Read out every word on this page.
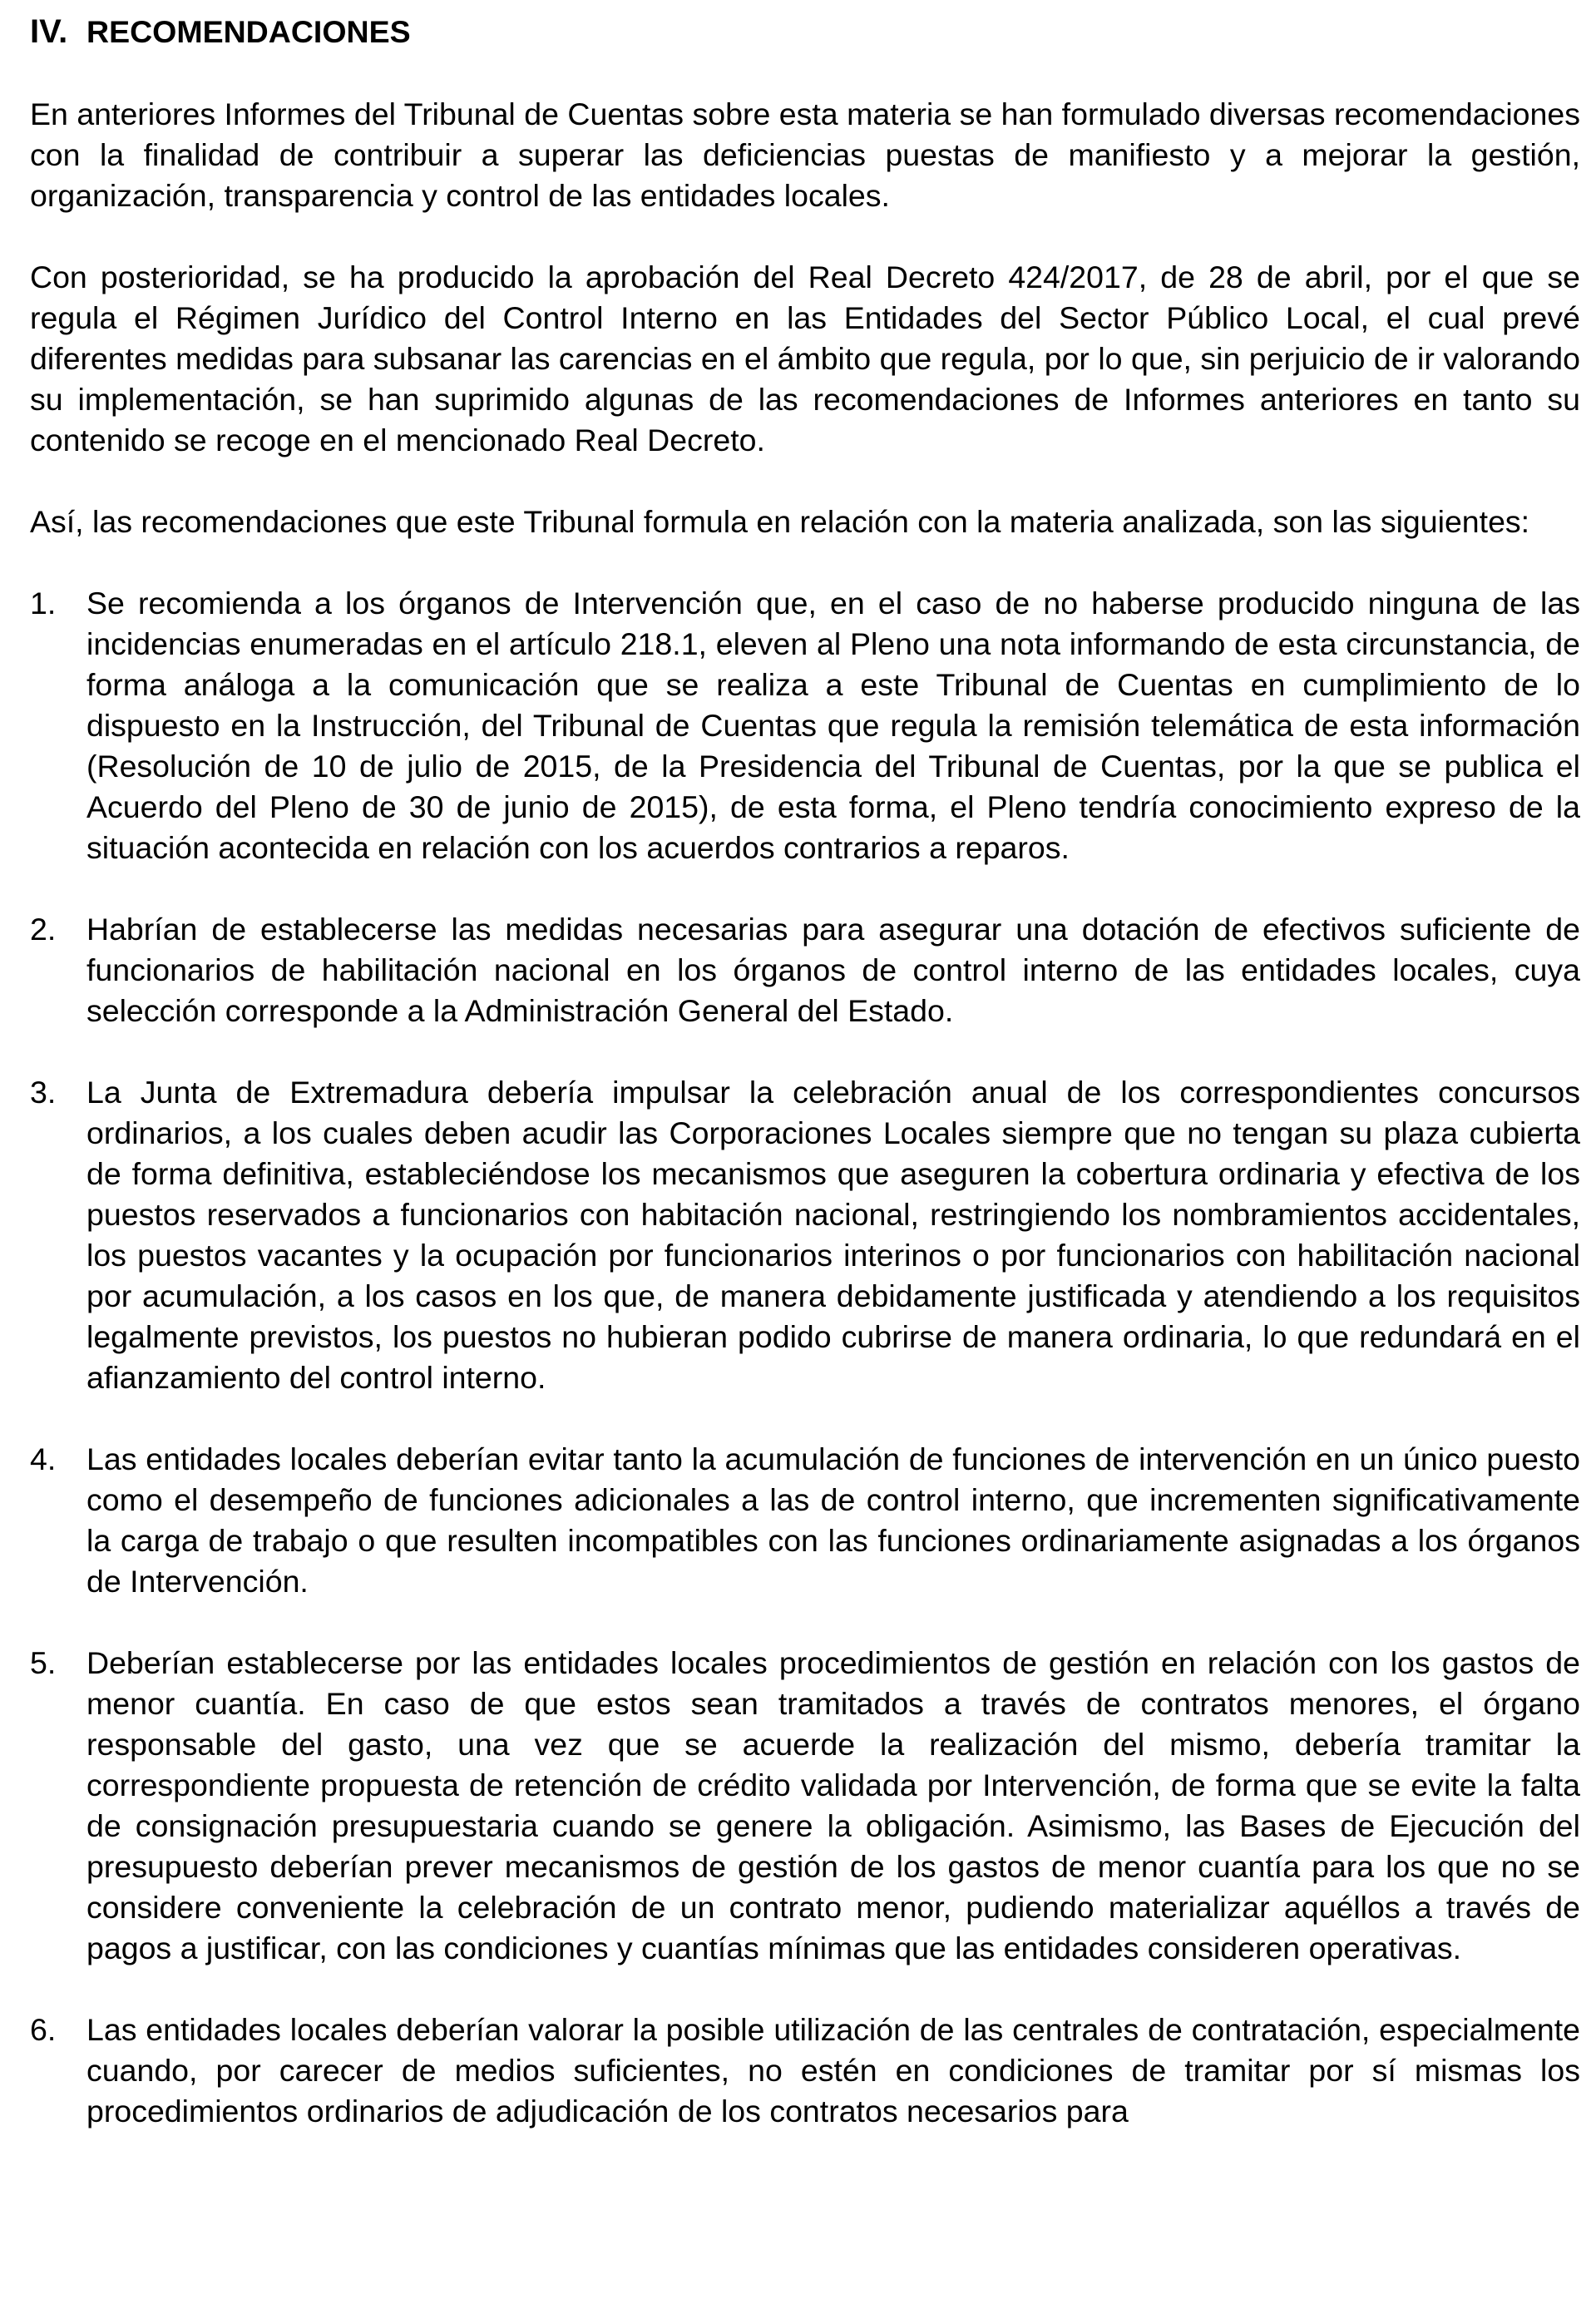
IV. RECOMENDACIONES

En anteriores Informes del Tribunal de Cuentas sobre esta materia se han formulado diversas recomendaciones con la finalidad de contribuir a superar las deficiencias puestas de manifiesto y a mejorar la gestión, organización, transparencia y control de las entidades locales.

Con posterioridad, se ha producido la aprobación del Real Decreto 424/2017, de 28 de abril, por el que se regula el Régimen Jurídico del Control Interno en las Entidades del Sector Público Local, el cual prevé diferentes medidas para subsanar las carencias en el ámbito que regula, por lo que, sin perjuicio de ir valorando su implementación, se han suprimido algunas de las recomendaciones de Informes anteriores en tanto su contenido se recoge en el mencionado Real Decreto.

Así, las recomendaciones que este Tribunal formula en relación con la materia analizada, son las siguientes:

1. Se recomienda a los órganos de Intervención que, en el caso de no haberse producido ninguna de las incidencias enumeradas en el artículo 218.1, eleven al Pleno una nota informando de esta circunstancia, de forma análoga a la comunicación que se realiza a este Tribunal de Cuentas en cumplimiento de lo dispuesto en la Instrucción, del Tribunal de Cuentas que regula la remisión telemática de esta información (Resolución de 10 de julio de 2015, de la Presidencia del Tribunal de Cuentas, por la que se publica el Acuerdo del Pleno de 30 de junio de 2015), de esta forma, el Pleno tendría conocimiento expreso de la situación acontecida en relación con los acuerdos contrarios a reparos.
2. Habrían de establecerse las medidas necesarias para asegurar una dotación de efectivos suficiente de funcionarios de habilitación nacional en los órganos de control interno de las entidades locales, cuya selección corresponde a la Administración General del Estado.
3. La Junta de Extremadura debería impulsar la celebración anual de los correspondientes concursos ordinarios, a los cuales deben acudir las Corporaciones Locales siempre que no tengan su plaza cubierta de forma definitiva, estableciéndose los mecanismos que aseguren la cobertura ordinaria y efectiva de los puestos reservados a funcionarios con habitación nacional, restringiendo los nombramientos accidentales, los puestos vacantes y la ocupación por funcionarios interinos o por funcionarios con habilitación nacional por acumulación, a los casos en los que, de manera debidamente justificada y atendiendo a los requisitos legalmente previstos, los puestos no hubieran podido cubrirse de manera ordinaria, lo que redundará en el afianzamiento del control interno.
4. Las entidades locales deberían evitar tanto la acumulación de funciones de intervención en un único puesto como el desempeño de funciones adicionales a las de control interno, que incrementen significativamente la carga de trabajo o que resulten incompatibles con las funciones ordinariamente asignadas a los órganos de Intervención.
5. Deberían establecerse por las entidades locales procedimientos de gestión en relación con los gastos de menor cuantía. En caso de que estos sean tramitados a través de contratos menores, el órgano responsable del gasto, una vez que se acuerde la realización del mismo, debería tramitar la correspondiente propuesta de retención de crédito validada por Intervención, de forma que se evite la falta de consignación presupuestaria cuando se genere la obligación. Asimismo, las Bases de Ejecución del presupuesto deberían prever mecanismos de gestión de los gastos de menor cuantía para los que no se considere conveniente la celebración de un contrato menor, pudiendo materializar aquéllos a través de pagos a justificar, con las condiciones y cuantías mínimas que las entidades consideren operativas.
6. Las entidades locales deberían valorar la posible utilización de las centrales de contratación, especialmente cuando, por carecer de medios suficientes, no estén en condiciones de tramitar por sí mismas los procedimientos ordinarios de adjudicación de los contratos necesarios para
